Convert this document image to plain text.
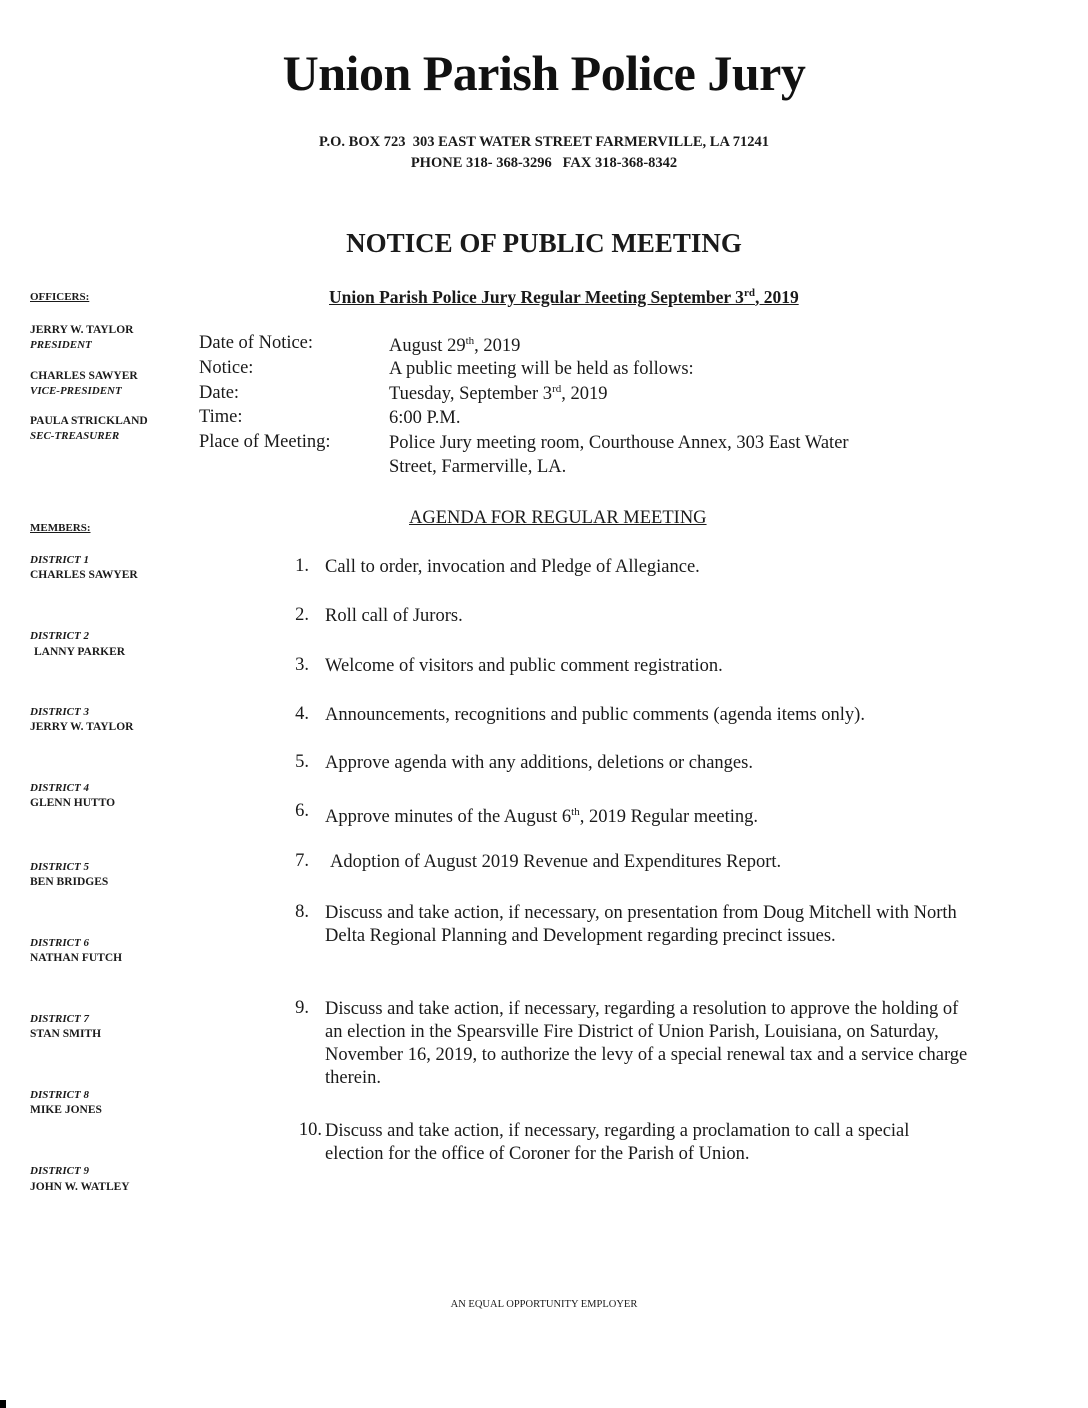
Union Parish Police Jury
P.O. BOX 723  303 EAST WATER STREET FARMERVILLE, LA 71241
PHONE 318- 368-3296   FAX 318-368-8342
NOTICE OF PUBLIC MEETING
Union Parish Police Jury Regular Meeting September 3rd, 2019
OFFICERS:
JERRY W. TAYLOR
PRESIDENT
CHARLES SAWYER
VICE-PRESIDENT
PAULA STRICKLAND
SEC-TREASURER
MEMBERS:
DISTRICT 1
CHARLES SAWYER
DISTRICT 2
LANNY PARKER
DISTRICT 3
JERRY W. TAYLOR
DISTRICT 4
GLENN HUTTO
DISTRICT 5
BEN BRIDGES
DISTRICT 6
NATHAN FUTCH
DISTRICT 7
STAN SMITH
DISTRICT 8
MIKE JONES
DISTRICT 9
JOHN W. WATLEY
Date of Notice:	August 29th, 2019
Notice:	A public meeting will be held as follows:
Date:	Tuesday, September 3rd, 2019
Time:	6:00 P.M.
Place of Meeting:	Police Jury meeting room, Courthouse Annex, 303 East Water
Street, Farmerville, LA.
AGENDA FOR REGULAR MEETING
1. Call to order, invocation and Pledge of Allegiance.
2. Roll call of Jurors.
3. Welcome of visitors and public comment registration.
4. Announcements, recognitions and public comments (agenda items only).
5. Approve agenda with any additions, deletions or changes.
6. Approve minutes of the August 6th, 2019 Regular meeting.
7. Adoption of August 2019 Revenue and Expenditures Report.
8. Discuss and take action, if necessary, on presentation from Doug Mitchell with North Delta Regional Planning and Development regarding precinct issues.
9. Discuss and take action, if necessary, regarding a resolution to approve the holding of an election in the Spearsville Fire District of Union Parish, Louisiana, on Saturday, November 16, 2019, to authorize the levy of a special renewal tax and a service charge therein.
10. Discuss and take action, if necessary, regarding a proclamation to call a special election for the office of Coroner for the Parish of Union.
AN EQUAL OPPORTUNITY EMPLOYER
